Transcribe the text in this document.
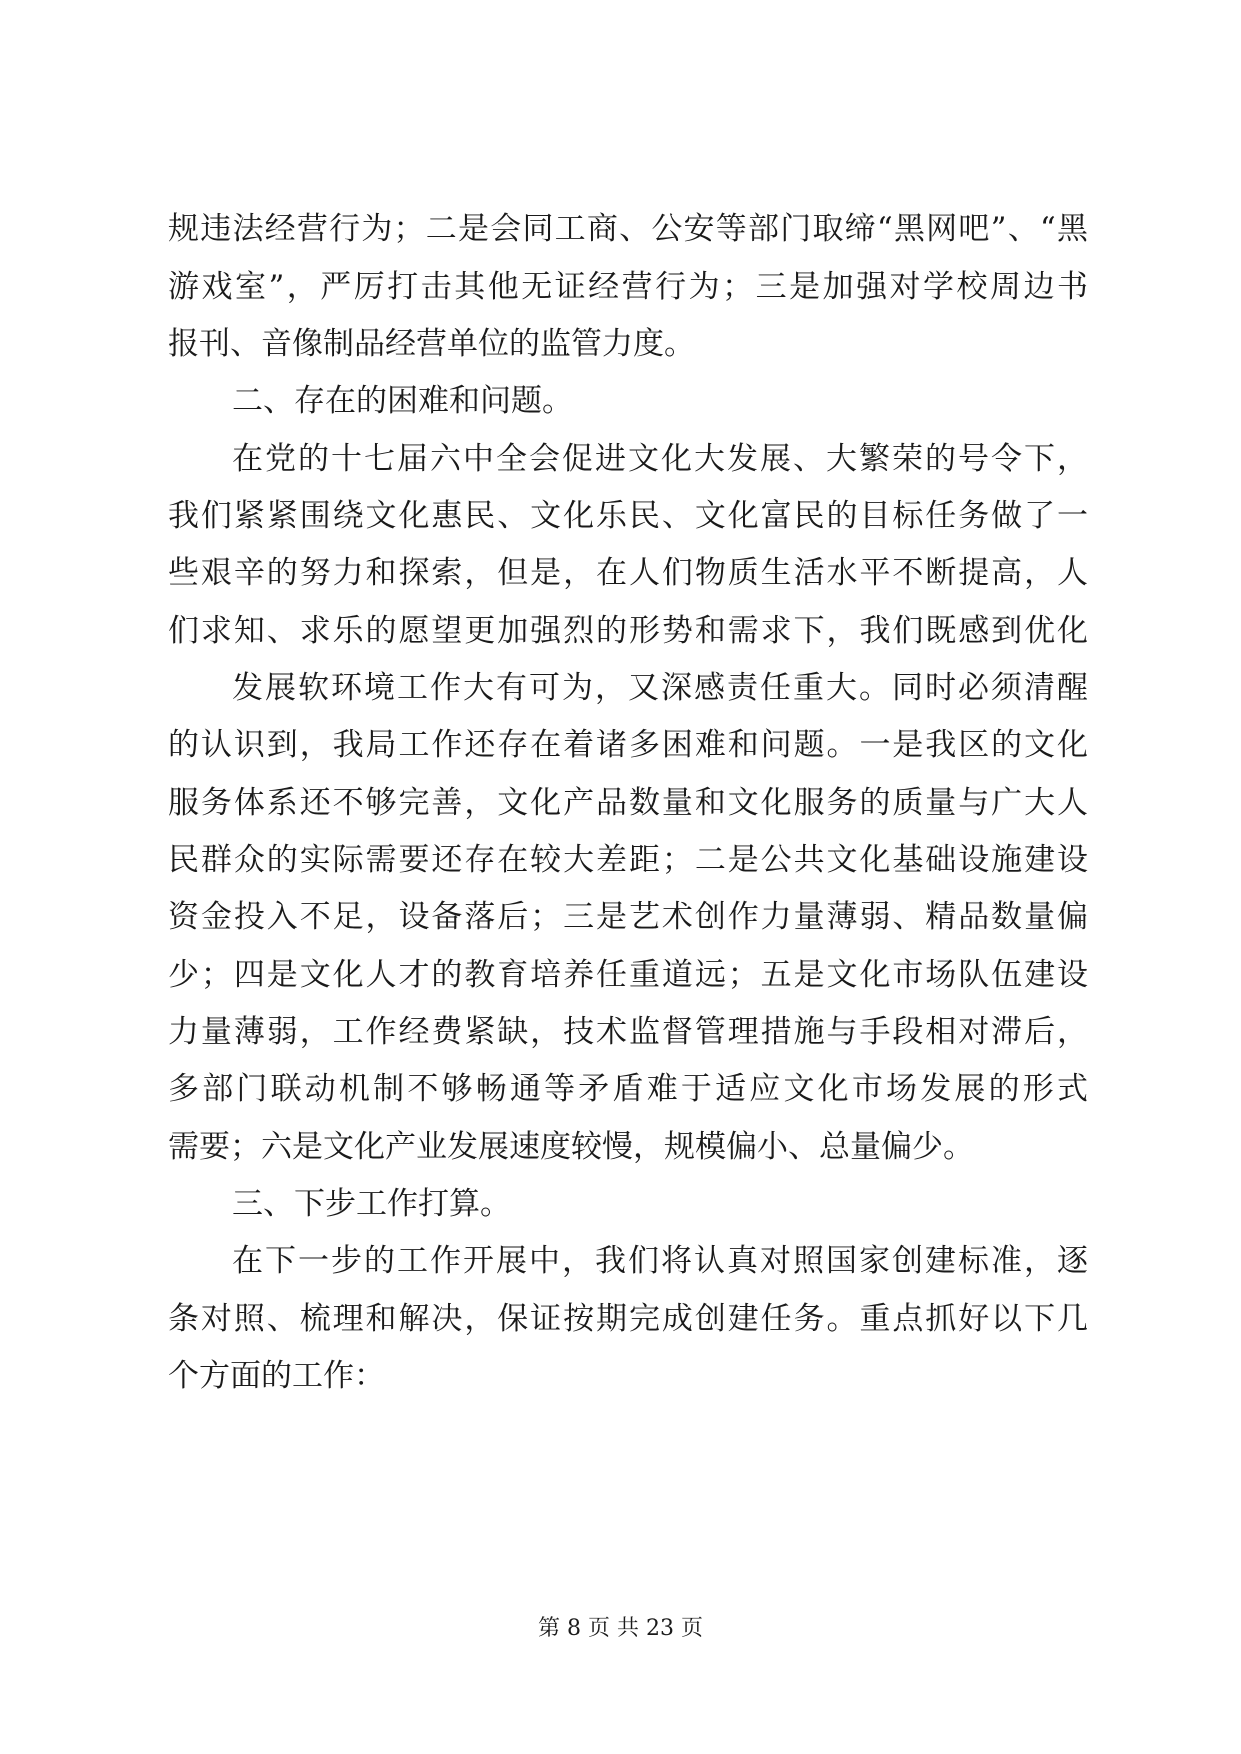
规违法经营行为；二是会同工商、公安等部门取缔“黑网吧”、“黑
游戏室”，严厉打击其他无证经营行为；三是加强对学校周边书
报刊、音像制品经营单位的监管力度。
二、存在的困难和问题。
在党的十七届六中全会促进文化大发展、大繁荣的号令下，
我们紧紧围绕文化惠民、文化乐民、文化富民的目标任务做了一
些艰辛的努力和探索，但是，在人们物质生活水平不断提高，人
们求知、求乐的愿望更加强烈的形势和需求下，我们既感到优化
发展软环境工作大有可为，又深感责任重大。同时必须清醒
的认识到，我局工作还存在着诸多困难和问题。一是我区的文化
服务体系还不够完善，文化产品数量和文化服务的质量与广大人
民群众的实际需要还存在较大差距；二是公共文化基础设施建设
资金投入不足，设备落后；三是艺术创作力量薄弱、精品数量偏
少；四是文化人才的教育培养任重道远；五是文化市场队伍建设
力量薄弱，工作经费紧缺，技术监督管理措施与手段相对滞后，
多部门联动机制不够畅通等矛盾难于适应文化市场发展的形式
需要；六是文化产业发展速度较慢，规模偏小、总量偏少。
三、下步工作打算。
在下一步的工作开展中，我们将认真对照国家创建标准，逐
条对照、梳理和解决，保证按期完成创建任务。重点抓好以下几
个方面的工作：
第 8 页 共 23 页
